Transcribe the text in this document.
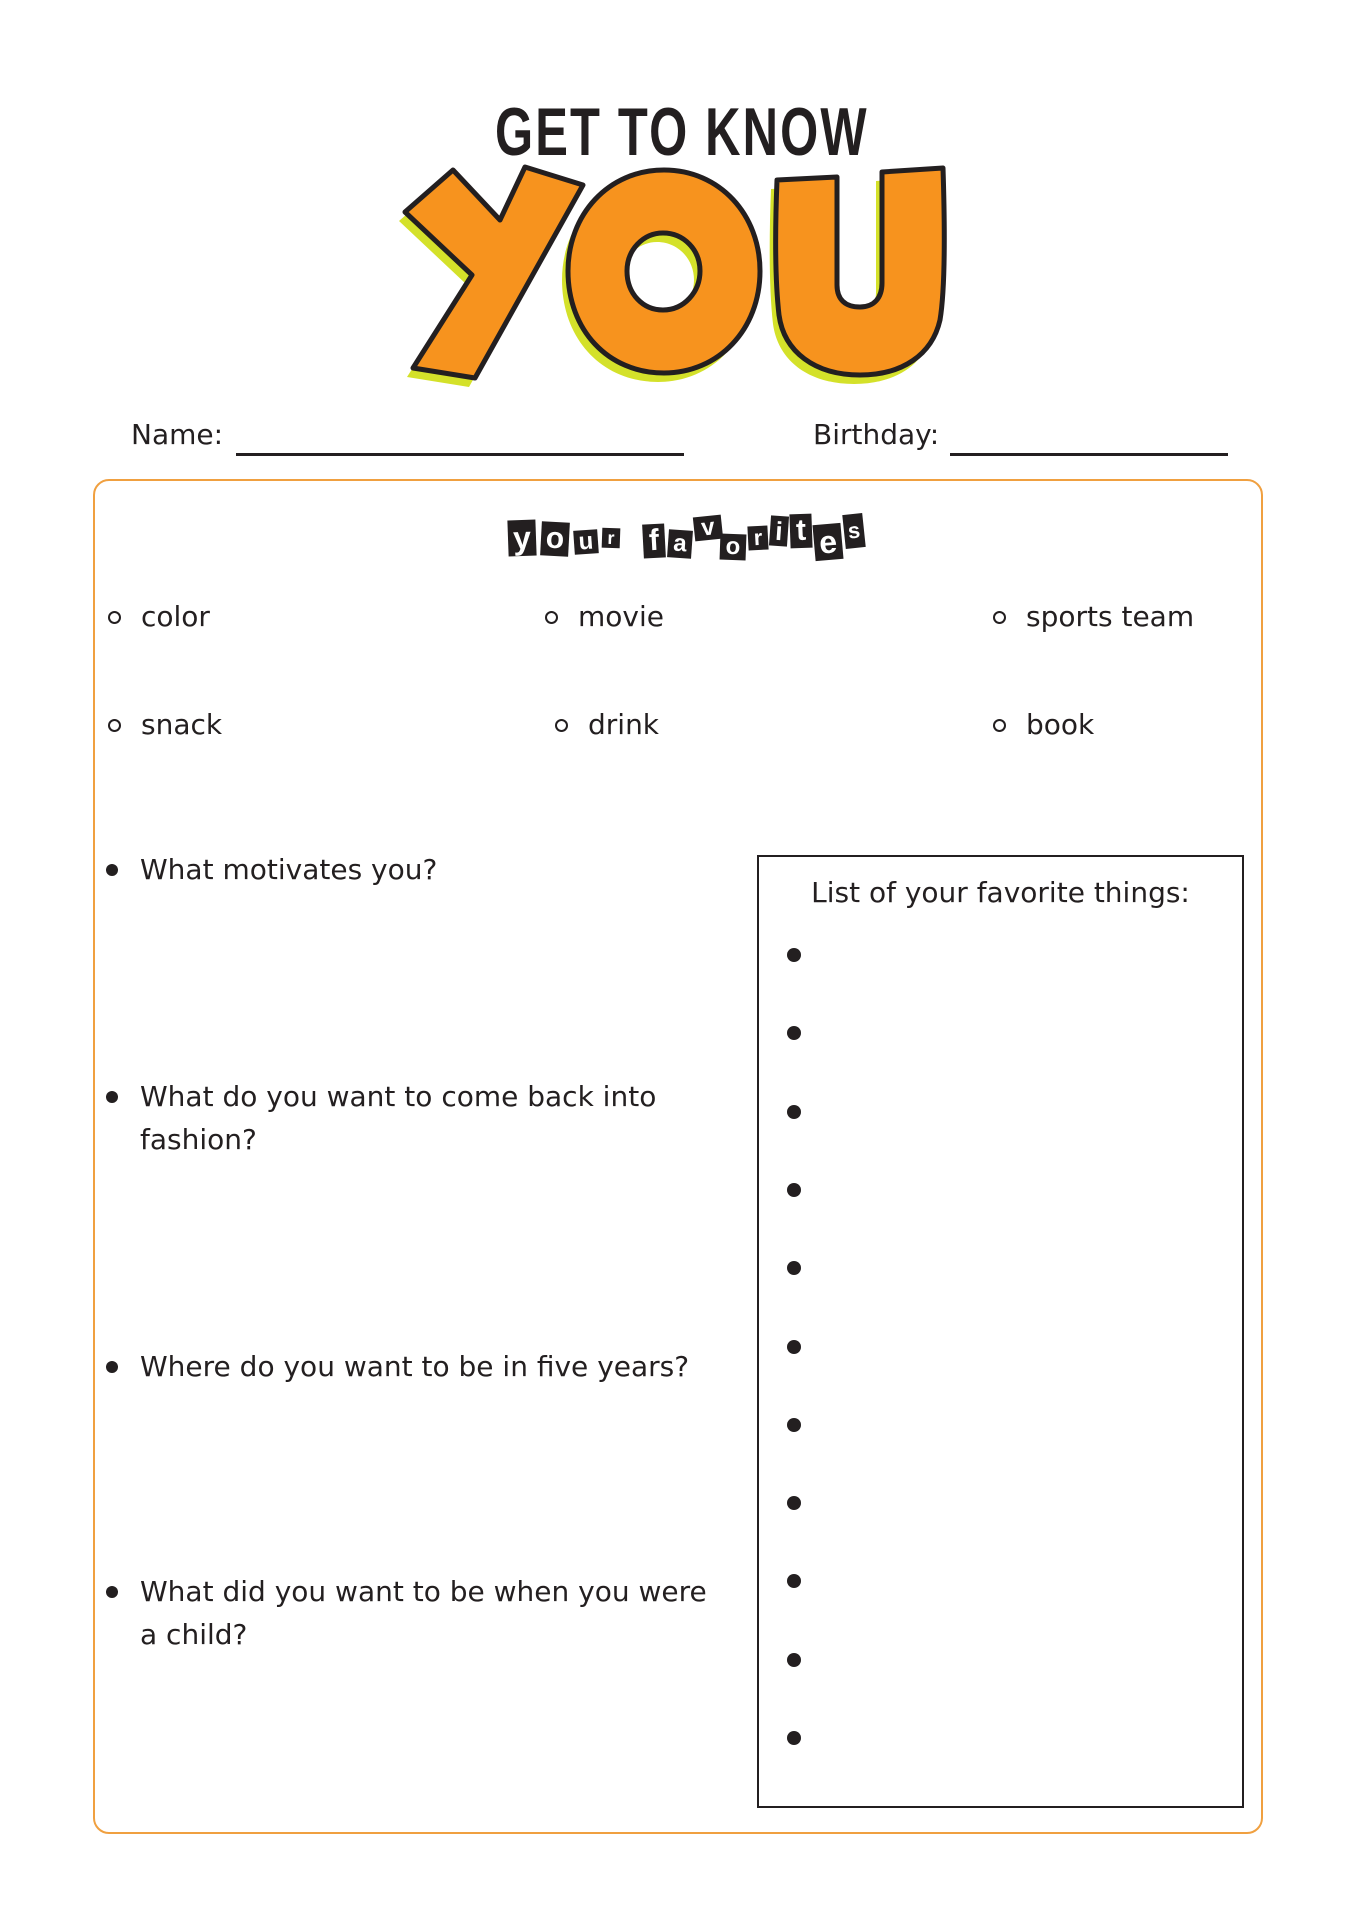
GET TO KNOW
Name:	Birthday:
y o u r f a
v
o r i t e s
color	movie	sports team
snack	drink	book
What motivates you?
What do you want to come back into fashion?
Where do you want to be in five years?
What did you want to be when you were a child?
List of your favorite things:
